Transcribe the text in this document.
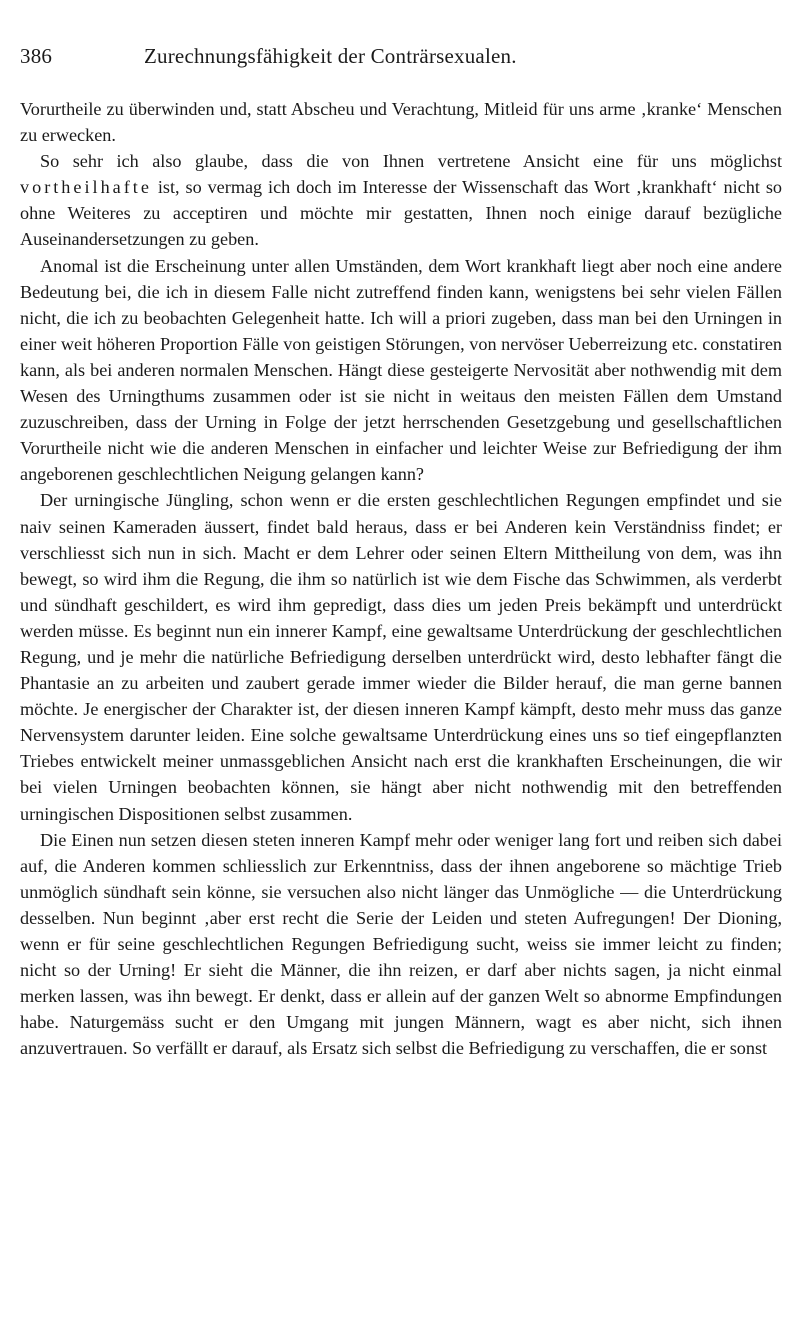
386	Zurechnungsfähigkeit der Conträrsexualen.

Vorurtheile zu überwinden und, statt Abscheu und Verachtung, Mitleid für uns arme ‚kranke‘ Menschen zu erwecken.

So sehr ich also glaube, dass die von Ihnen vertretene Ansicht eine für uns möglichst vortheilhafte ist, so vermag ich doch im Interesse der Wissenschaft das Wort ‚krankhaft‘ nicht so ohne Weiteres zu acceptiren und möchte mir gestatten, Ihnen noch einige darauf bezügliche Auseinandersetzungen zu geben.

Anomal ist die Erscheinung unter allen Umständen, dem Wort krankhaft liegt aber noch eine andere Bedeutung bei, die ich in diesem Falle nicht zutreffend finden kann, wenigstens bei sehr vielen Fällen nicht, die ich zu beobachten Gelegenheit hatte. Ich will a priori zugeben, dass man bei den Urningen in einer weit höheren Proportion Fälle von geistigen Störungen, von nervöser Ueberreizung etc. constatiren kann, als bei anderen normalen Menschen. Hängt diese gesteigerte Nervosität aber nothwendig mit dem Wesen des Urningthums zusammen oder ist sie nicht in weitaus den meisten Fällen dem Umstand zuzuschreiben, dass der Urning in Folge der jetzt herrschenden Gesetzgebung und gesellschaftlichen Vorurtheile nicht wie die anderen Menschen in einfacher und leichter Weise zur Befriedigung der ihm angeborenen geschlechtlichen Neigung gelangen kann?

Der urningische Jüngling, schon wenn er die ersten geschlechtlichen Regungen empfindet und sie naiv seinen Kameraden äussert, findet bald heraus, dass er bei Anderen kein Verständniss findet; er verschliesst sich nun in sich. Macht er dem Lehrer oder seinen Eltern Mittheilung von dem, was ihn bewegt, so wird ihm die Regung, die ihm so natürlich ist wie dem Fische das Schwimmen, als verderbt und sündhaft geschildert, es wird ihm gepredigt, dass dies um jeden Preis bekämpft und unterdrückt werden müsse. Es beginnt nun ein innerer Kampf, eine gewaltsame Unterdrückung der geschlechtlichen Regung, und je mehr die natürliche Befriedigung derselben unterdrückt wird, desto lebhafter fängt die Phantasie an zu arbeiten und zaubert gerade immer wieder die Bilder herauf, die man gerne bannen möchte. Je energischer der Charakter ist, der diesen inneren Kampf kämpft, desto mehr muss das ganze Nervensystem darunter leiden. Eine solche gewaltsame Unterdrückung eines uns so tief eingepflanzten Triebes entwickelt meiner unmassgeblichen Ansicht nach erst die krankhaften Erscheinungen, die wir bei vielen Urningen beobachten können, sie hängt aber nicht nothwendig mit den betreffenden urningischen Dispositionen selbst zusammen.

Die Einen nun setzen diesen steten inneren Kampf mehr oder weniger lang fort und reiben sich dabei auf, die Anderen kommen schliesslich zur Erkenntniss, dass der ihnen angeborene so mächtige Trieb unmöglich sündhaft sein könne, sie versuchen also nicht länger das Unmögliche — die Unterdrückung desselben. Nun beginnt ‚aber erst recht die Serie der Leiden und steten Aufregungen! Der Dioning, wenn er für seine geschlechtlichen Regungen Befriedigung sucht, weiss sie immer leicht zu finden; nicht so der Urning! Er sieht die Männer, die ihn reizen, er darf aber nichts sagen, ja nicht einmal merken lassen, was ihn bewegt. Er denkt, dass er allein auf der ganzen Welt so abnorme Empfindungen habe. Naturgemäss sucht er den Umgang mit jungen Männern, wagt es aber nicht, sich ihnen anzuvertrauen. So verfällt er darauf, als Ersatz sich selbst die Befriedigung zu verschaffen, die er sonst
